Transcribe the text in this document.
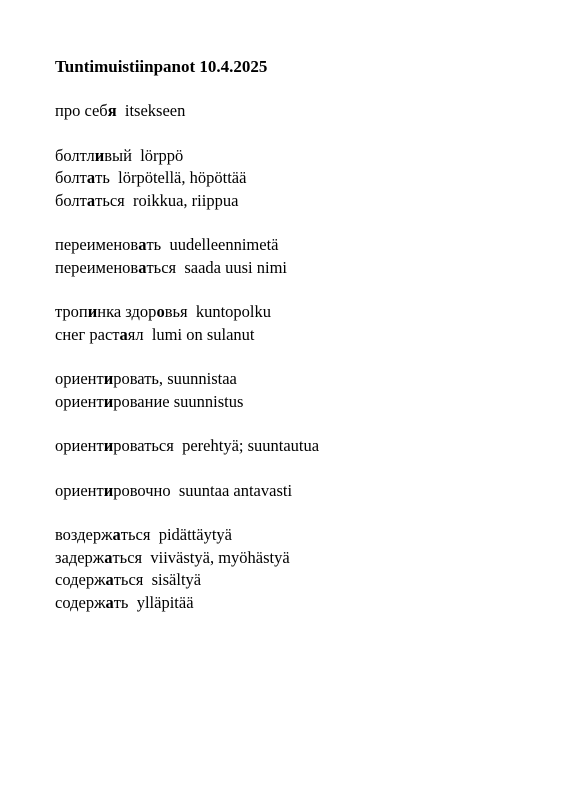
Tuntimuistiinpanot 10.4.2025
про себя itsekseen
болтливый lörppö
болтать lörpötellä, höpöttää
болтаться roikkua, riippua
переименовать uudelleennimetä
переименоваться saada uusi nimi
тропинка здоровья kuntopolku
снег растаял lumi on sulanut
ориентировать, suunnistaa
ориентирование suunnistus
ориентироваться perehtyä; suuntautua
ориентировочно suuntaa antavasti
воздержаться pidättäytyä
задержаться viivästyä, myöhästyä
содержаться sisältyä
содержать ylläpitää
